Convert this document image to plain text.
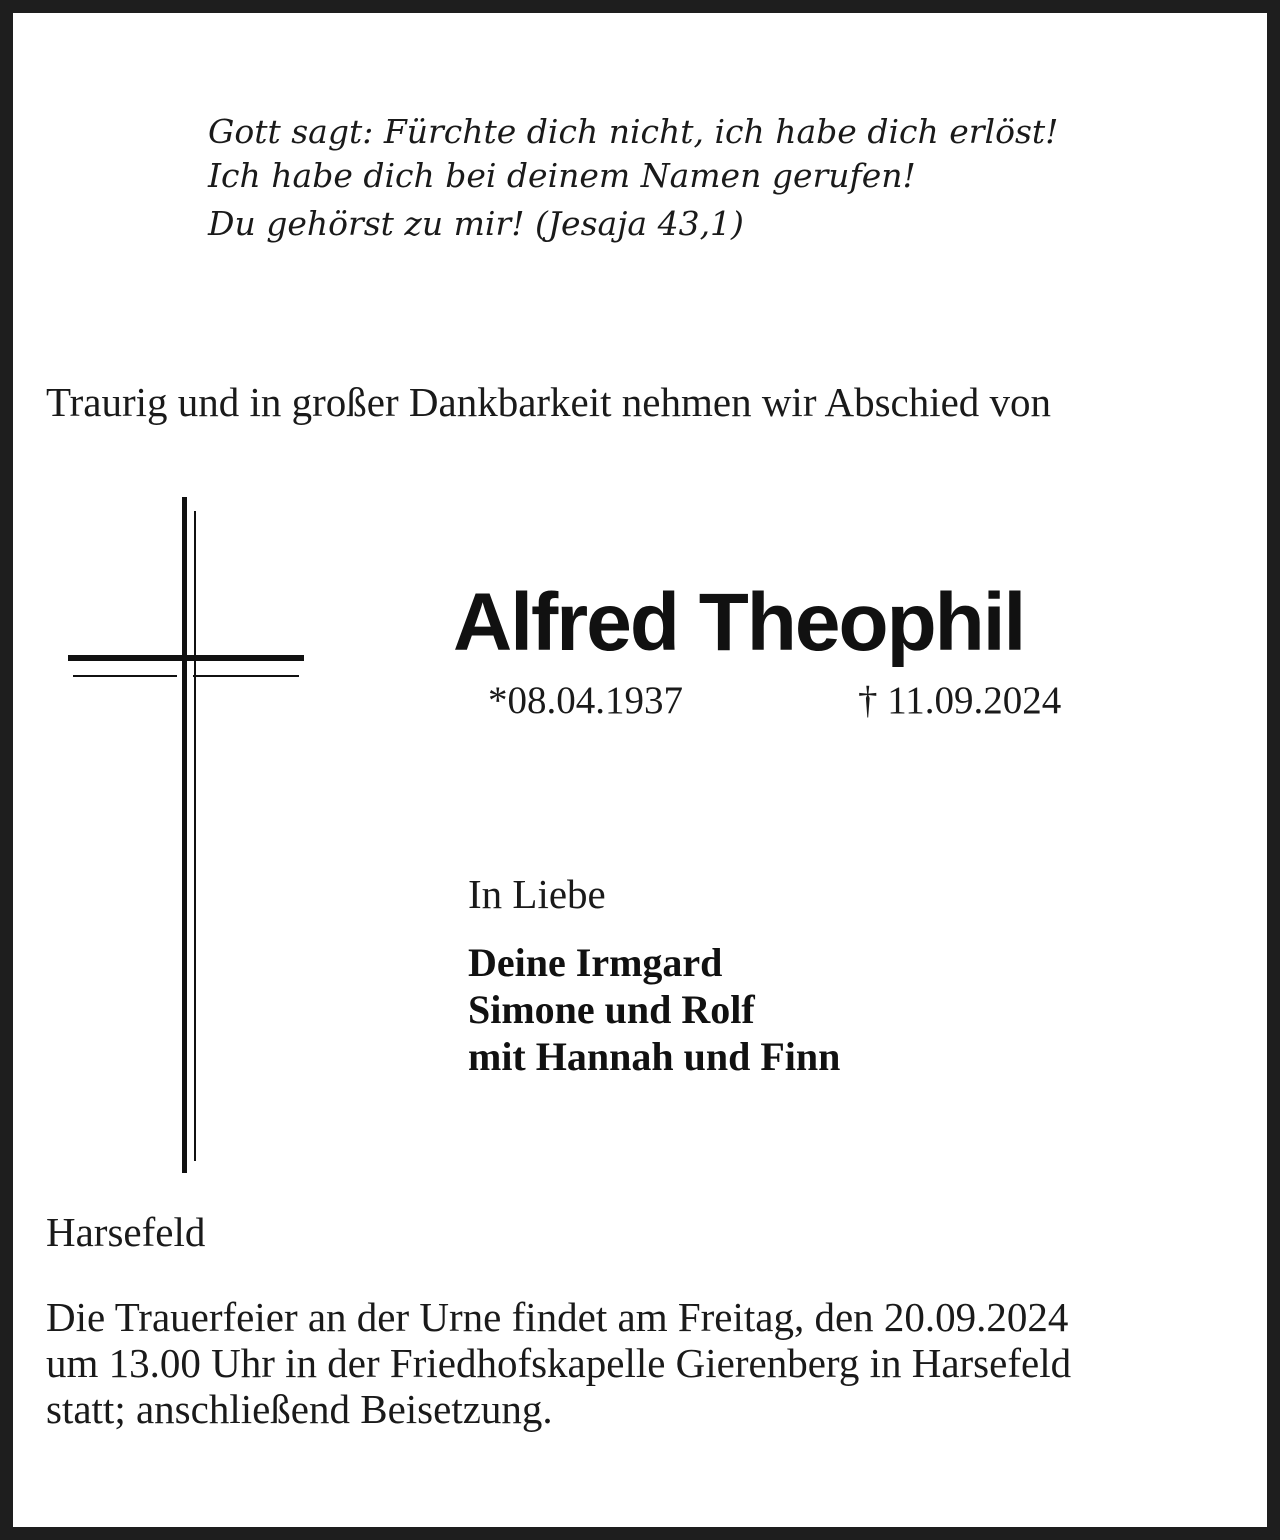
Gott sagt: Fürchte dich nicht, ich habe dich erlöst!
Ich habe dich bei deinem Namen gerufen!
Du gehörst zu mir! (Jesaja 43,1)
Traurig und in großer Dankbarkeit nehmen wir Abschied von
Alfred Theophil
*08.04.1937	† 11.09.2024
In Liebe
Deine Irmgard
Simone und Rolf
mit Hannah und Finn
Harsefeld
Die Trauerfeier an der Urne findet am Freitag, den 20.09.2024
um 13.00 Uhr in der Friedhofskapelle Gierenberg in Harsefeld
statt; anschließend Beisetzung.
